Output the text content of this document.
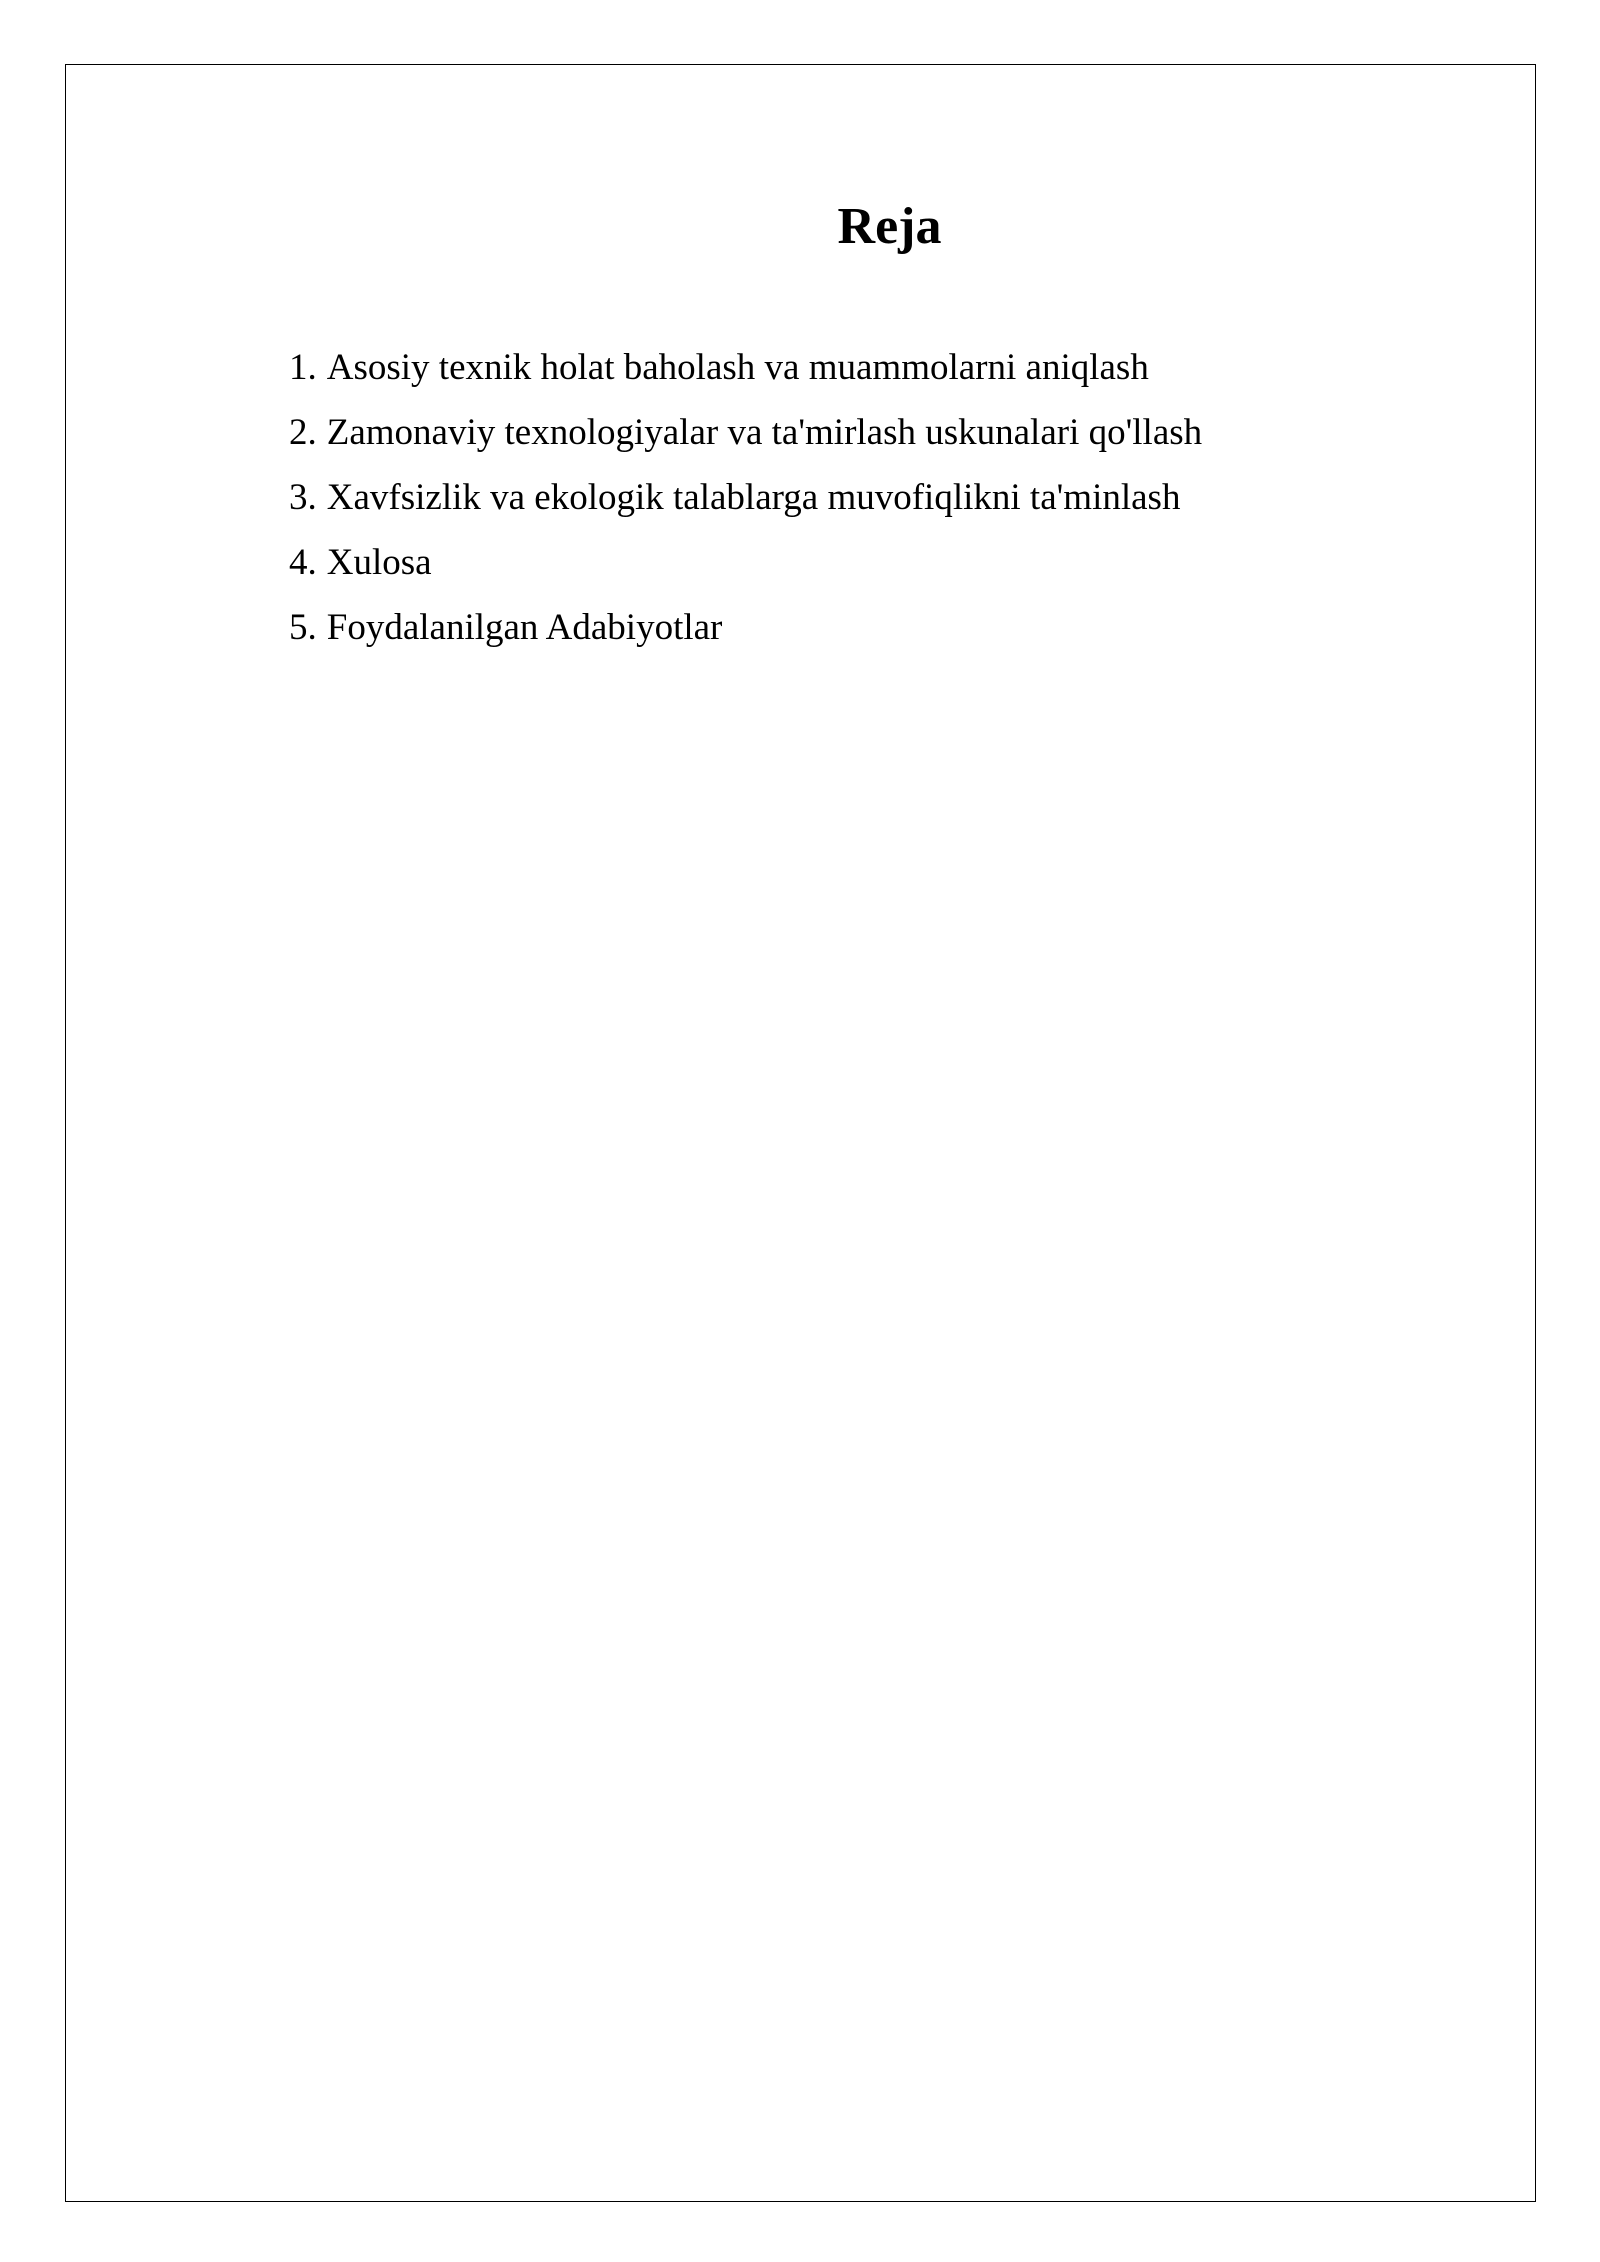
Reja
1. Asosiy texnik holat baholash va muammolarni aniqlash
2. Zamonaviy texnologiyalar va ta'mirlash uskunalari qo'llash
3. Xavfsizlik va ekologik talablarga muvofiqlikni ta'minlash
4. Xulosa
5. Foydalanilgan Adabiyotlar
